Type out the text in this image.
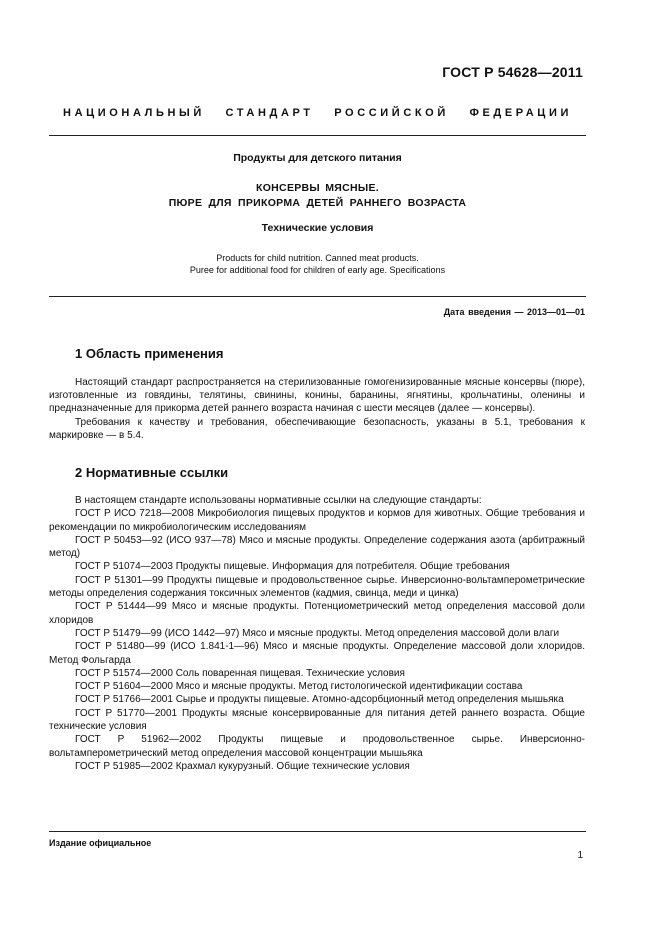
ГОСТ Р 54628—2011
НАЦИОНАЛЬНЫЙ СТАНДАРТ РОССИЙСКОЙ ФЕДЕРАЦИИ
Продукты для детского питания
КОНСЕРВЫ МЯСНЫЕ.
ПЮРЕ ДЛЯ ПРИКОРМА ДЕТЕЙ РАННЕГО ВОЗРАСТА
Технические условия
Products for child nutrition. Canned meat products.
Puree for additional food for children of early age. Specifications
Дата введения — 2013—01—01
1 Область применения

Настоящий стандарт распространяется на стерилизованные гомогенизированные мясные консервы (пюре), изготовленные из говядины, телятины, свинины, конины, баранины, ягнятины, крольчатины, оленины и предназначенные для прикорма детей раннего возраста начиная с шести месяцев (далее — консервы).

Требования к качеству и требования, обеспечивающие безопасность, указаны в 5.1, требования к маркировке — в 5.4.

2 Нормативные ссылки

В настоящем стандарте использованы нормативные ссылки на следующие стандарты:

ГОСТ Р ИСО 7218—2008 Микробиология пищевых продуктов и кормов для животных. Общие требования и рекомендации по микробиологическим исследованиям

ГОСТ Р 50453—92 (ИСО 937—78) Мясо и мясные продукты. Определение содержания азота (арбитражный метод)

ГОСТ Р 51074—2003 Продукты пищевые. Информация для потребителя. Общие требования

ГОСТ Р 51301—99 Продукты пищевые и продовольственное сырье. Инверсионно-вольтамперометрические методы определения содержания токсичных элементов (кадмия, свинца, меди и цинка)

ГОСТ Р 51444—99 Мясо и мясные продукты. Потенциометрический метод определения массовой доли хлоридов

ГОСТ Р 51479—99 (ИСО 1442—97) Мясо и мясные продукты. Метод определения массовой доли влаги

ГОСТ Р 51480—99 (ИСО 1.841-1—96) Мясо и мясные продукты. Определение массовой доли хлоридов. Метод Фольгарда

ГОСТ Р 51574—2000 Соль поваренная пищевая. Технические условия

ГОСТ Р 51604—2000 Мясо и мясные продукты. Метод гистологической идентификации состава

ГОСТ Р 51766—2001 Сырье и продукты пищевые. Атомно-адсорбционный метод определения мышьяка

ГОСТ Р 51770—2001 Продукты мясные консервированные для питания детей раннего возраста. Общие технические условия

ГОСТ Р 51962—2002 Продукты пищевые и продовольственное сырье. Инверсионно-вольтамперометрический метод определения массовой концентрации мышьяка

ГОСТ Р 51985—2002 Крахмал кукурузный. Общие технические условия

Издание официальное
1
